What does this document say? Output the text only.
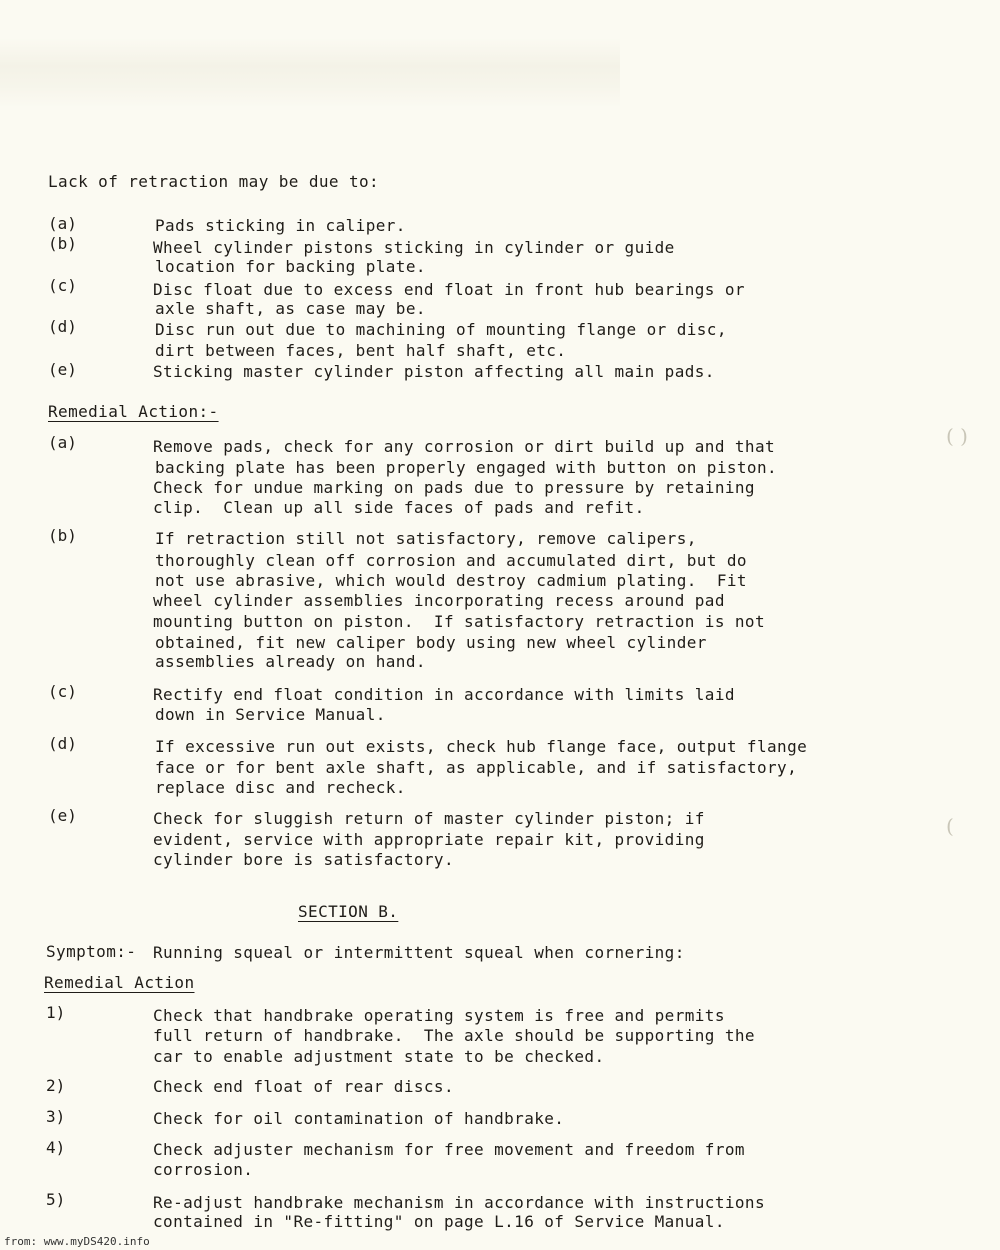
Lack of retraction may be due to:
(a)	Pads sticking in caliper.
(b)	Wheel cylinder pistons sticking in cylinder or guide
location for backing plate.
(c)	Disc float due to excess end float in front hub bearings or
axle shaft, as case may be.
(d)	Disc run out due to machining of mounting flange or disc,
dirt between faces, bent half shaft, etc.
(e)	Sticking master cylinder piston affecting all main pads.
Remedial Action:-
(a)	Remove pads, check for any corrosion or dirt build up and that
backing plate has been properly engaged with button on piston.
Check for undue marking on pads due to pressure by retaining
clip.  Clean up all side faces of pads and refit.
(b)	If retraction still not satisfactory, remove calipers,
thoroughly clean off corrosion and accumulated dirt, but do
not use abrasive, which would destroy cadmium plating.  Fit
wheel cylinder assemblies incorporating recess around pad
mounting button on piston.  If satisfactory retraction is not
obtained, fit new caliper body using new wheel cylinder
assemblies already on hand.
(c)	Rectify end float condition in accordance with limits laid
down in Service Manual.
(d)	If excessive run out exists, check hub flange face, output flange
face or for bent axle shaft, as applicable, and if satisfactory,
replace disc and recheck.
(e)	Check for sluggish return of master cylinder piston; if
evident, service with appropriate repair kit, providing
cylinder bore is satisfactory.
SECTION B.
Symptom:- Running squeal or intermittent squeal when cornering:
Remedial Action
1)	Check that handbrake operating system is free and permits
full return of handbrake.  The axle should be supporting the
car to enable adjustment state to be checked.
2)	Check end float of rear discs.
3)	Check for oil contamination of handbrake.
4)	Check adjuster mechanism for free movement and freedom from
corrosion.
5)	Re-adjust handbrake mechanism in accordance with instructions
contained in "Re-fitting" on page L.16 of Service Manual.
( )
(
from: www.myDS420.info
